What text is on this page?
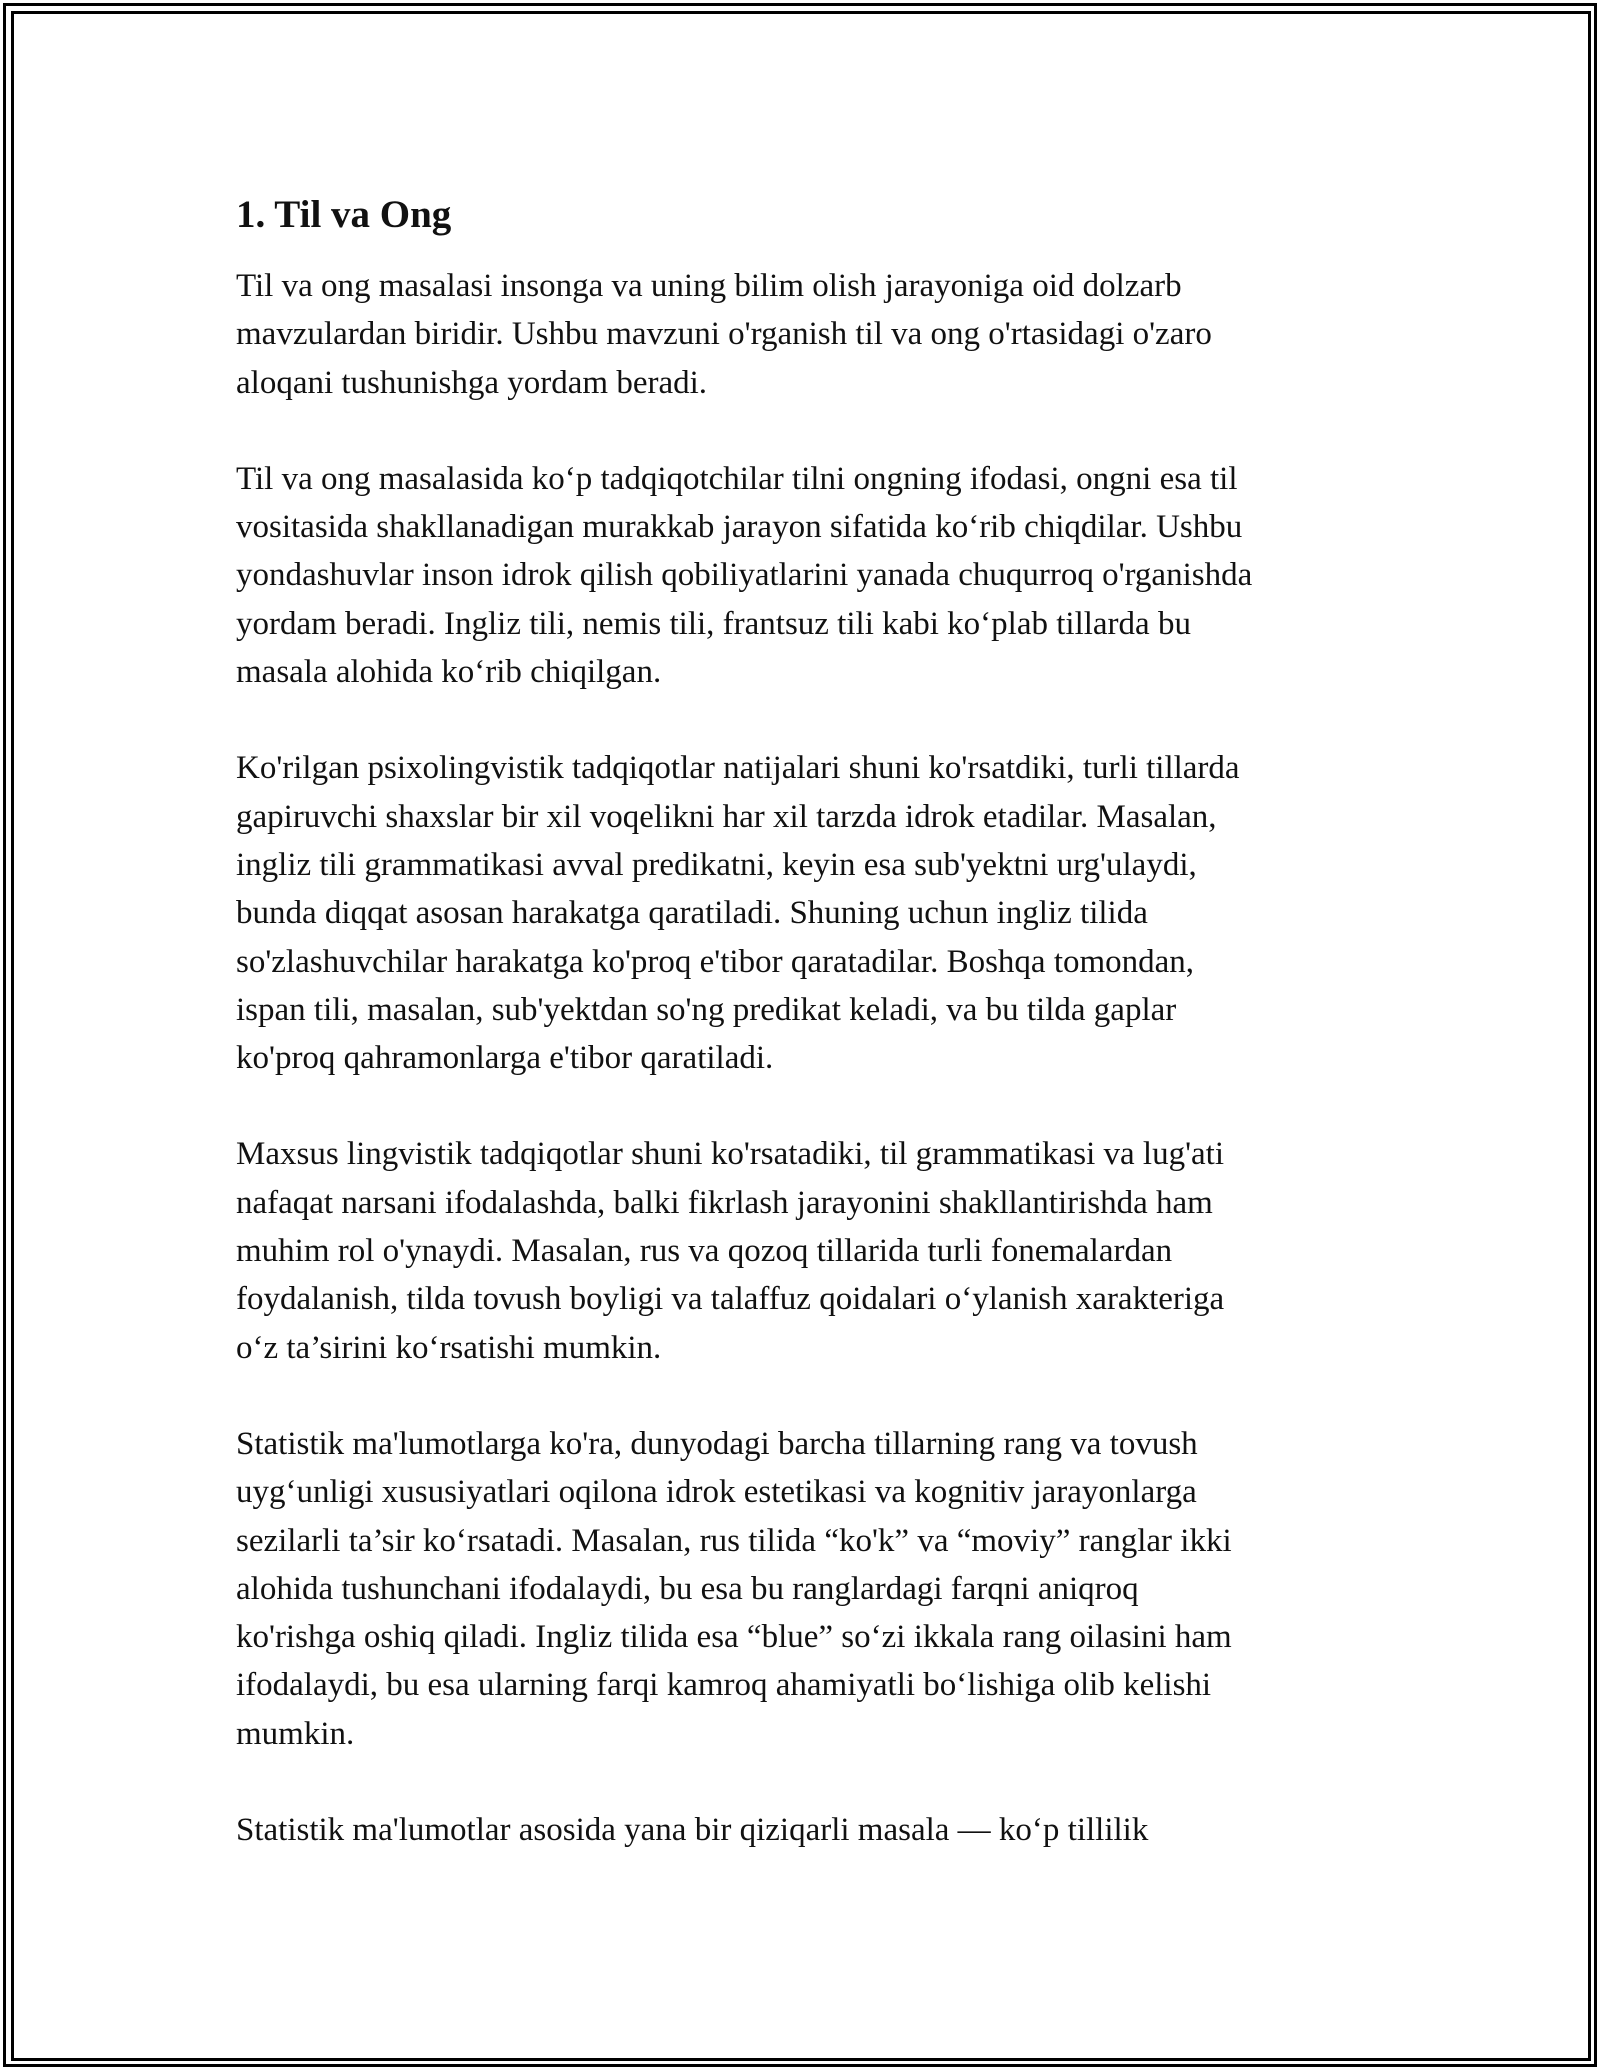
1. Til va Ong

Til va ong masalasi insonga va uning bilim olish jarayoniga oid dolzarb
mavzulardan biridir. Ushbu mavzuni o'rganish til va ong o'rtasidagi o'zaro
aloqani tushunishga yordam beradi.

Til va ong masalasida ko‘p tadqiqotchilar tilni ongning ifodasi, ongni esa til
vositasida shakllanadigan murakkab jarayon sifatida ko‘rib chiqdilar. Ushbu
yondashuvlar inson idrok qilish qobiliyatlarini yanada chuqurroq o'rganishda
yordam beradi. Ingliz tili, nemis tili, frantsuz tili kabi ko‘plab tillarda bu
masala alohida ko‘rib chiqilgan.

Ko'rilgan psixolingvistik tadqiqotlar natijalari shuni ko'rsatdiki, turli tillarda
gapiruvchi shaxslar bir xil voqelikni har xil tarzda idrok etadilar. Masalan,
ingliz tili grammatikasi avval predikatni, keyin esa sub'yektni urg'ulaydi,
bunda diqqat asosan harakatga qaratiladi. Shuning uchun ingliz tilida
so'zlashuvchilar harakatga ko'proq e'tibor qaratadilar. Boshqa tomondan,
ispan tili, masalan, sub'yektdan so'ng predikat keladi, va bu tilda gaplar
ko'proq qahramonlarga e'tibor qaratiladi.

Maxsus lingvistik tadqiqotlar shuni ko'rsatadiki, til grammatikasi va lug'ati
nafaqat narsani ifodalashda, balki fikrlash jarayonini shakllantirishda ham
muhim rol o'ynaydi. Masalan, rus va qozoq tillarida turli fonemalardan
foydalanish, tilda tovush boyligi va talaffuz qoidalari o‘ylanish xarakteriga
o‘z ta’sirini ko‘rsatishi mumkin.

Statistik ma'lumotlarga ko'ra, dunyodagi barcha tillarning rang va tovush
uyg‘unligi xususiyatlari oqilona idrok estetikasi va kognitiv jarayonlarga
sezilarli ta’sir ko‘rsatadi. Masalan, rus tilida “ko'k” va “moviy” ranglar ikki
alohida tushunchani ifodalaydi, bu esa bu ranglardagi farqni aniqroq
ko'rishga oshiq qiladi. Ingliz tilida esa “blue” so‘zi ikkala rang oilasini ham
ifodalaydi, bu esa ularning farqi kamroq ahamiyatli bo‘lishiga olib kelishi
mumkin.

Statistik ma'lumotlar asosida yana bir qiziqarli masala — ko‘p tillilik
